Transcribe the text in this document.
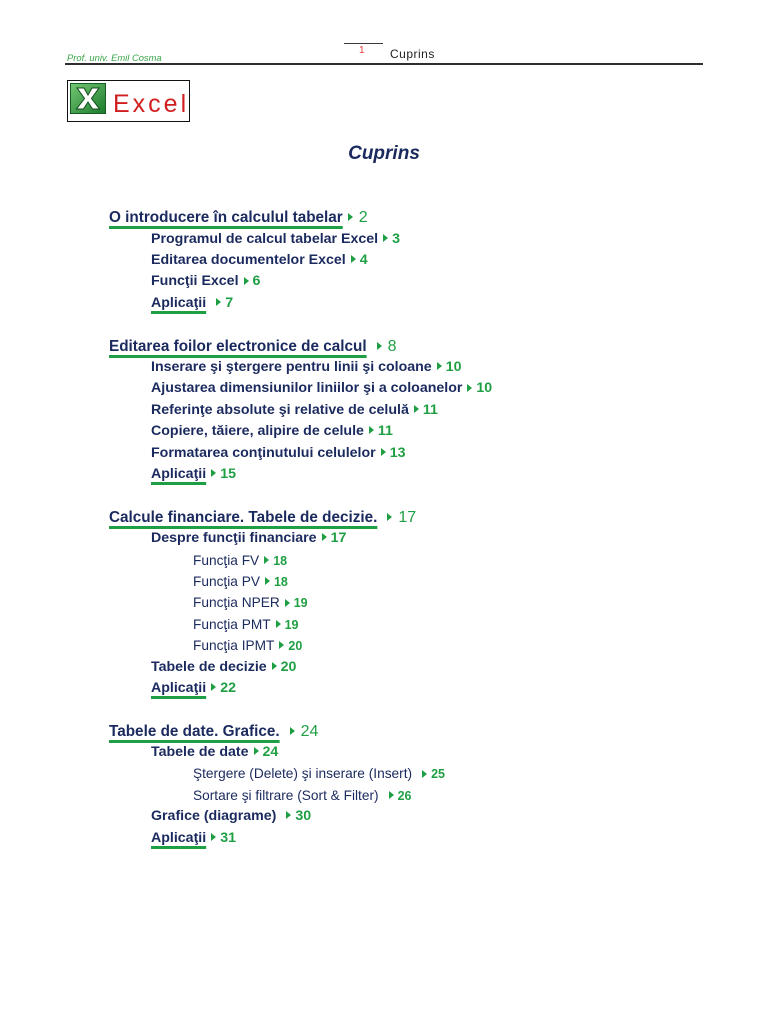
Prof. univ. Emil Cosma
1 Cuprins
Excel
Cuprins
O introducere în calculul tabelar 2
Programul de calcul tabelar Excel 3
Editarea documentelor Excel 4
Funcţii Excel 6
Aplicaţii 7
Editarea foilor electronice de calcul 8
Inserare şi ştergere pentru linii şi coloane 10
Ajustarea dimensiunilor liniilor şi a coloanelor 10
Referinţe absolute şi relative de celulă 11
Copiere, tăiere, alipire de celule 11
Formatarea conţinutului celulelor 13
Aplicaţii 15
Calcule financiare. Tabele de decizie. 17
Despre funcţii financiare 17
Funcţia FV 18
Funcţia PV 18
Funcţia NPER 19
Funcţia PMT 19
Funcţia IPMT 20
Tabele de decizie 20
Aplicaţii 22
Tabele de date. Grafice. 24
Tabele de date 24
Ştergere (Delete) şi inserare (Insert) 25
Sortare şi filtrare (Sort & Filter) 26
Grafice (diagrame) 30
Aplicaţii 31
